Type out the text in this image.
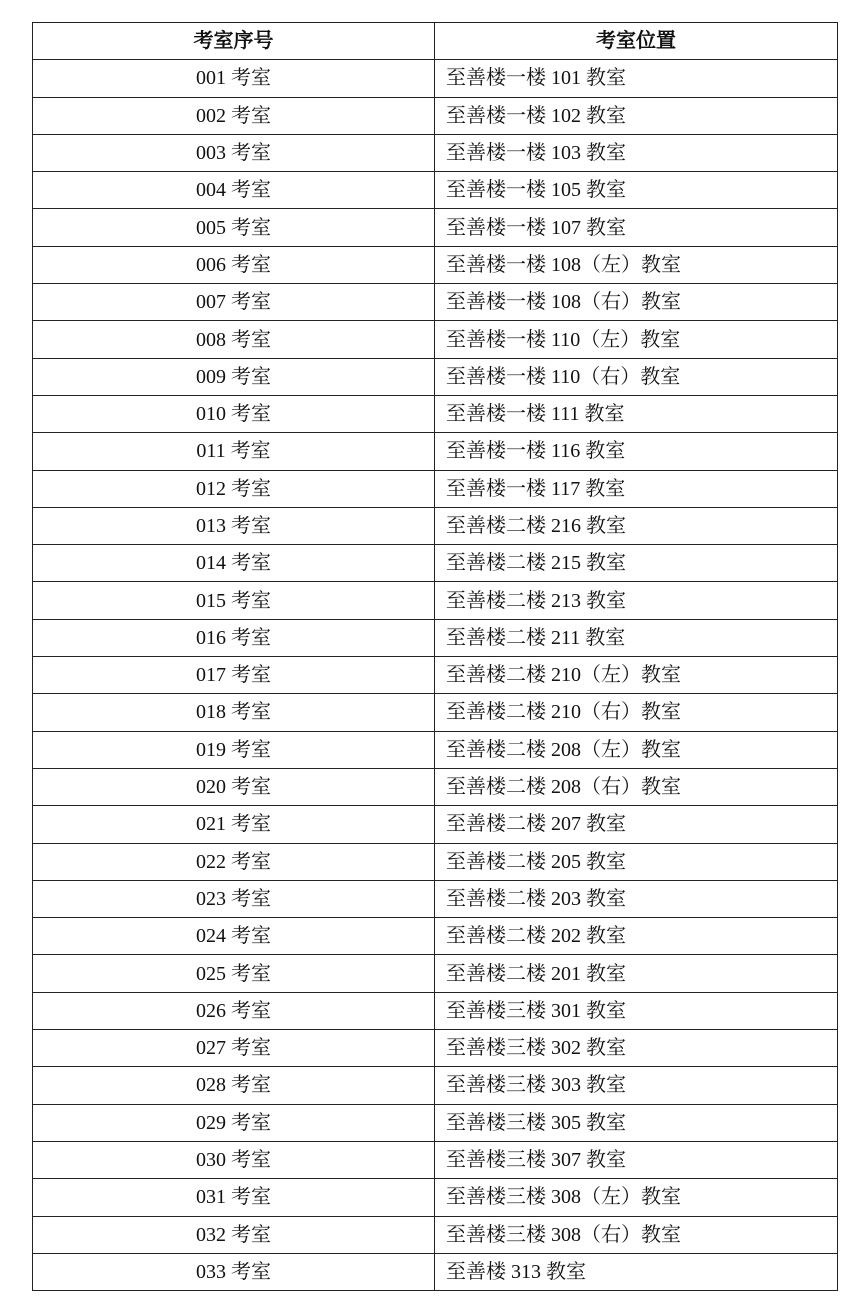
考室序号	考室位置
001 考室	至善楼一楼 101 教室
002 考室	至善楼一楼 102 教室
003 考室	至善楼一楼 103 教室
004 考室	至善楼一楼 105 教室
005 考室	至善楼一楼 107 教室
006 考室	至善楼一楼 108（左）教室
007 考室	至善楼一楼 108（右）教室
008 考室	至善楼一楼 110（左）教室
009 考室	至善楼一楼 110（右）教室
010 考室	至善楼一楼 111 教室
011 考室	至善楼一楼 116 教室
012 考室	至善楼一楼 117 教室
013 考室	至善楼二楼 216 教室
014 考室	至善楼二楼 215 教室
015 考室	至善楼二楼 213 教室
016 考室	至善楼二楼 211 教室
017 考室	至善楼二楼 210（左）教室
018 考室	至善楼二楼 210（右）教室
019 考室	至善楼二楼 208（左）教室
020 考室	至善楼二楼 208（右）教室
021 考室	至善楼二楼 207 教室
022 考室	至善楼二楼 205 教室
023 考室	至善楼二楼 203 教室
024 考室	至善楼二楼 202 教室
025 考室	至善楼二楼 201 教室
026 考室	至善楼三楼 301 教室
027 考室	至善楼三楼 302 教室
028 考室	至善楼三楼 303 教室
029 考室	至善楼三楼 305 教室
030 考室	至善楼三楼 307 教室
031 考室	至善楼三楼 308（左）教室
032 考室	至善楼三楼 308（右）教室
033 考室	至善楼 313 教室
